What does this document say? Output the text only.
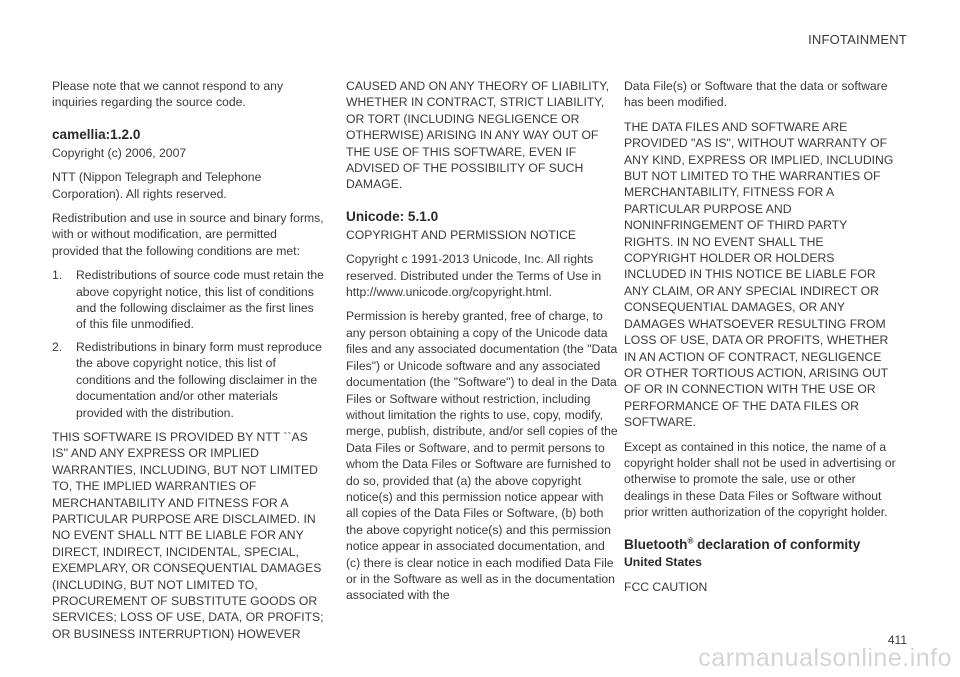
INFOTAINMENT

Please note that we cannot respond to any inquiries regarding the source code.

camellia:1.2.0

Copyright (c) 2006, 2007

NTT (Nippon Telegraph and Telephone Corporation). All rights reserved.

Redistribution and use in source and binary forms, with or without modification, are permitted provided that the following conditions are met:

1. Redistributions of source code must retain the above copyright notice, this list of conditions and the following disclaimer as the first lines of this file unmodified.
2. Redistributions in binary form must reproduce the above copyright notice, this list of conditions and the following disclaimer in the documentation and/or other materials provided with the distribution.

THIS SOFTWARE IS PROVIDED BY NTT ``AS IS'' AND ANY EXPRESS OR IMPLIED WARRANTIES, INCLUDING, BUT NOT LIMITED TO, THE IMPLIED WARRANTIES OF MERCHANTABILITY AND FITNESS FOR A PARTICULAR PURPOSE ARE DISCLAIMED. IN NO EVENT SHALL NTT BE LIABLE FOR ANY DIRECT, INDIRECT, INCIDENTAL, SPECIAL, EXEMPLARY, OR CONSEQUENTIAL DAMAGES (INCLUDING, BUT NOT LIMITED TO, PROCUREMENT OF SUBSTITUTE GOODS OR SERVICES; LOSS OF USE, DATA, OR PROFITS; OR BUSINESS INTERRUPTION) HOWEVER

CAUSED AND ON ANY THEORY OF LIABILITY, WHETHER IN CONTRACT, STRICT LIABILITY, OR TORT (INCLUDING NEGLIGENCE OR OTHERWISE) ARISING IN ANY WAY OUT OF THE USE OF THIS SOFTWARE, EVEN IF ADVISED OF THE POSSIBILITY OF SUCH DAMAGE.

Unicode: 5.1.0

COPYRIGHT AND PERMISSION NOTICE

Copyright c 1991-2013 Unicode, Inc. All rights reserved. Distributed under the Terms of Use in http://www.unicode.org/copyright.html.

Permission is hereby granted, free of charge, to any person obtaining a copy of the Unicode data files and any associated documentation (the "Data Files") or Unicode software and any associated documentation (the "Software") to deal in the Data Files or Software without restriction, including without limitation the rights to use, copy, modify, merge, publish, distribute, and/or sell copies of the Data Files or Software, and to permit persons to whom the Data Files or Software are furnished to do so, provided that (a) the above copyright notice(s) and this permission notice appear with all copies of the Data Files or Software, (b) both the above copyright notice(s) and this permission notice appear in associated documentation, and (c) there is clear notice in each modified Data File or in the Software as well as in the documentation associated with the

Data File(s) or Software that the data or software has been modified.

THE DATA FILES AND SOFTWARE ARE PROVIDED "AS IS", WITHOUT WARRANTY OF ANY KIND, EXPRESS OR IMPLIED, INCLUDING BUT NOT LIMITED TO THE WARRANTIES OF MERCHANTABILITY, FITNESS FOR A PARTICULAR PURPOSE AND NONINFRINGEMENT OF THIRD PARTY RIGHTS. IN NO EVENT SHALL THE COPYRIGHT HOLDER OR HOLDERS INCLUDED IN THIS NOTICE BE LIABLE FOR ANY CLAIM, OR ANY SPECIAL INDIRECT OR CONSEQUENTIAL DAMAGES, OR ANY DAMAGES WHATSOEVER RESULTING FROM LOSS OF USE, DATA OR PROFITS, WHETHER IN AN ACTION OF CONTRACT, NEGLIGENCE OR OTHER TORTIOUS ACTION, ARISING OUT OF OR IN CONNECTION WITH THE USE OR PERFORMANCE OF THE DATA FILES OR SOFTWARE.

Except as contained in this notice, the name of a copyright holder shall not be used in advertising or otherwise to promote the sale, use or other dealings in these Data Files or Software without prior written authorization of the copyright holder.

Bluetooth® declaration of conformity
United States

FCC CAUTION

411
carmanualsonline.info
